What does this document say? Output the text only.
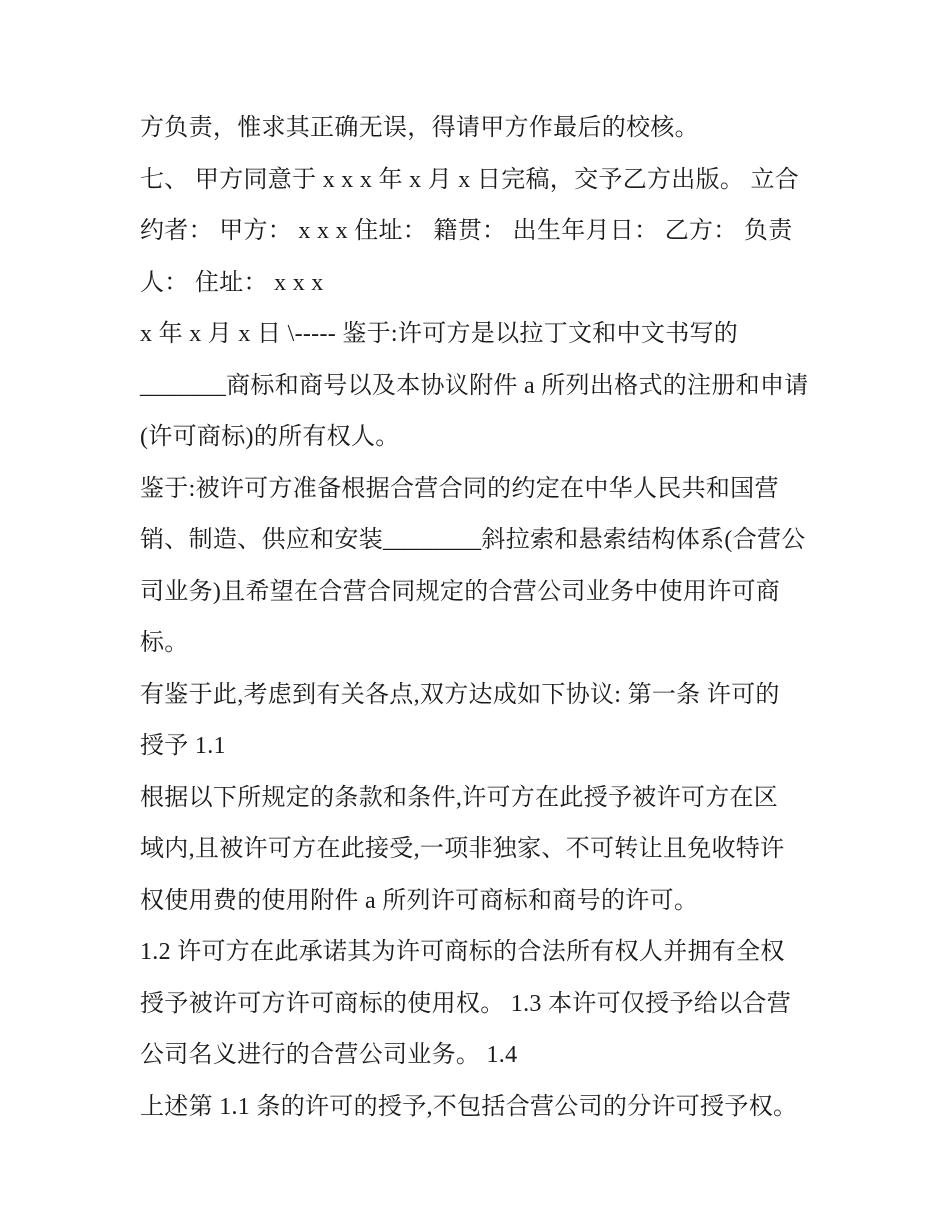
方负责，惟求其正确无误，得请甲方作最后的校核。
七、 甲方同意于 x x x 年 x 月 x 日完稿，交予乙方出版。 立合
约者： 甲方： x x x 住址： 籍贯： 出生年月日： 乙方： 负责
人： 住址： x x x
x 年 x 月 x 日 \----- 鉴于:许可方是以拉丁文和中文书写的
_______商标和商号以及本协议附件 a 所列出格式的注册和申请
(许可商标)的所有权人。
鉴于:被许可方准备根据合营合同的约定在中华人民共和国营
销、制造、供应和安装________斜拉索和悬索结构体系(合营公
司业务)且希望在合营合同规定的合营公司业务中使用许可商
标。
有鉴于此,考虑到有关各点,双方达成如下协议: 第一条 许可的
授予 1.1
根据以下所规定的条款和条件,许可方在此授予被许可方在区
域内,且被许可方在此接受,一项非独家、不可转让且免收特许
权使用费的使用附件 a 所列许可商标和商号的许可。
1.2 许可方在此承诺其为许可商标的合法所有权人并拥有全权
授予被许可方许可商标的使用权。 1.3 本许可仅授予给以合营
公司名义进行的合营公司业务。 1.4
上述第 1.1 条的许可的授予,不包括合营公司的分许可授予权。
